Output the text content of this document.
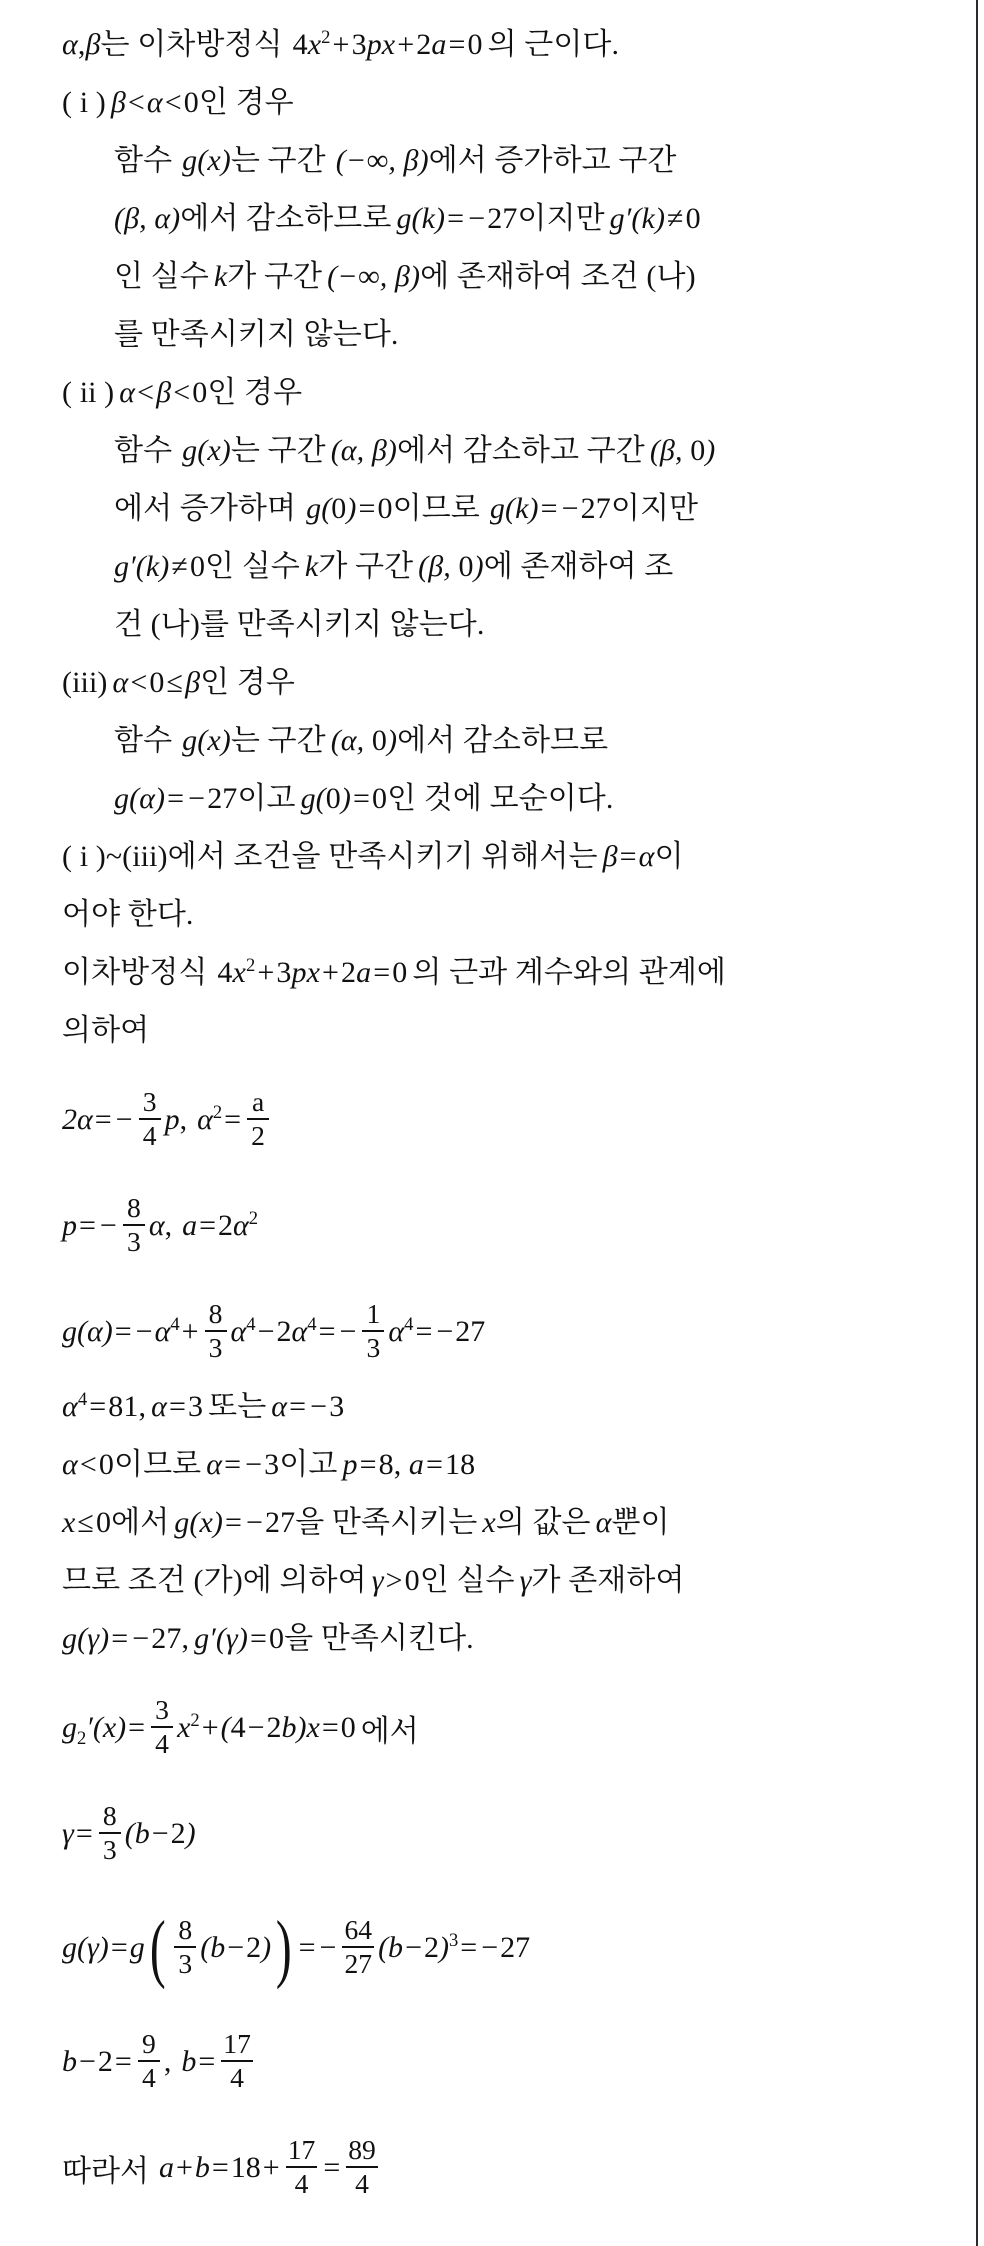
α , β 는 이차방정식 $4x^2+3px+2a=0$ 의 근이다.
( i ) β<α<0 인 경우
함수 g(x) 는 구간 (−∞, β) 에서 증가하고 구간
(β, α) 에서 감소하므로 g(k)= −27 이지만 g′(k)≠0
인 실수 k 가 구간 (−∞, β) 에 존재하여 조건 (나)
를 만족시키지 않는다.
( ii ) α<β<0 인 경우
함수 g(x) 는 구간 (α, β) 에서 감소하고 구간 (β, 0)
에서 증가하며 g(0)=0 이므로 g(k)= −27 이지만
g′(k)≠0 인 실수 k 가 구간 (β, 0) 에 존재하여 조
건 (나)를 만족시키지 않는다.
(iii) α<0≤β 인 경우
함수 g(x) 는 구간 (α, 0) 에서 감소하므로
g(α)= −27 이고 g(0)=0 인 것에 모순이다.
( i )~(iii)에서 조건을 만족시키기 위해서는 β=α 이
어야 한다.
이차방정식 $4x^2+3px+2a=0$ 의 근과 계수와의 관계에
의하여
2α = − $\frac{3}{4}$ p , $\alpha^2 = \frac{a}{2}$
p = − $\frac{8}{3}$ α , $a = 2\alpha^2$
$g(\alpha) = -\alpha^4 + \frac{8}{3} \alpha^4 - 2\alpha^4$ = − $\frac{1}{3} \alpha^4 = -27$
$\alpha^4=81$ , α=3 또는 α= −3
α<0 이므로 α= −3 이고 p=8, a=18
x≤0 에서 g(x)= −27 을 만족시키는 x 의 값은 α 뿐이
므로 조건 (가)에 의하여 γ>0 인 실수 γ 가 존재하여
g(γ)= −27, g′(γ)=0 을 만족시킨다.
$g_2'(x) = \frac{3}{4} x^2 + (4-2b)x = 0$ 에서
$\gamma = \frac{8}{3} (b-2)$
g(γ) = g ( $\frac{8}{3} (b-2)$ ) = − $\frac{64}{27} (b-2)^3 = -27$
$b-2 = \frac{9}{4}$ , $b = \frac{17}{4}$
따라서 $a+b = 18 + \frac{17}{4} = \frac{89}{4}$
